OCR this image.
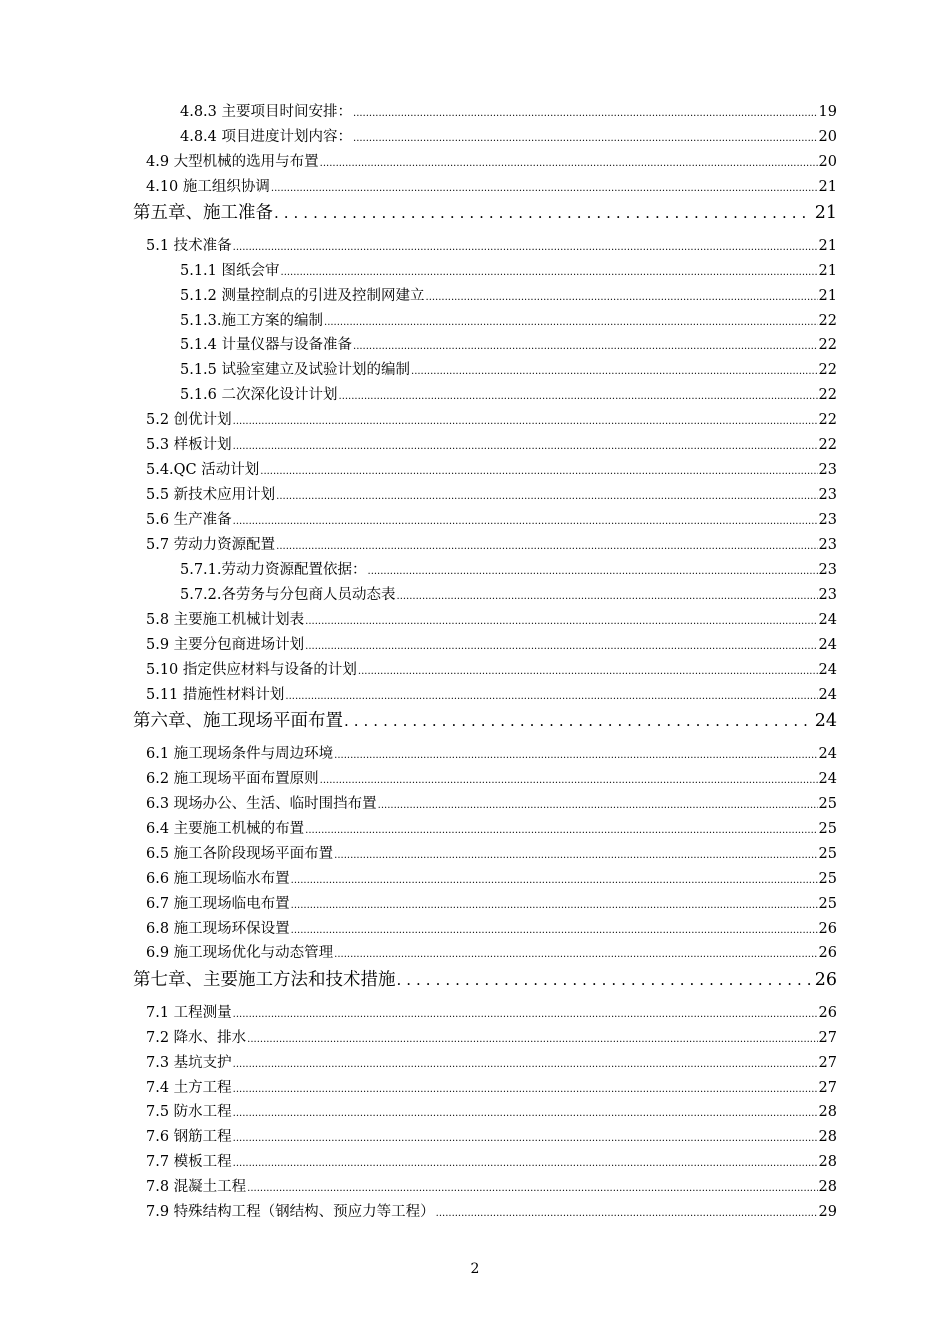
4.8.3 主要项目时间安排： .....	19
4.8.4 项目进度计划内容： .....	20
4.9 大型机械的选用与布置 .....	20
4.10 施工组织协调 .....	21
第五章、施工准备 .....	21
5.1 技术准备 .....	21
5.1.1 图纸会审 .....	21
5.1.2 测量控制点的引进及控制网建立 .....	21
5.1.3.施工方案的编制 .....	22
5.1.4 计量仪器与设备准备 .....	22
5.1.5 试验室建立及试验计划的编制 .....	22
5.1.6 二次深化设计计划 .....	22
5.2 创优计划 .....	22
5.3 样板计划 .....	22
5.4.QC 活动计划 .....	23
5.5 新技术应用计划 .....	23
5.6 生产准备 .....	23
5.7 劳动力资源配置 .....	23
5.7.1.劳动力资源配置依据： .....	23
5.7.2.各劳务与分包商人员动态表 .....	23
5.8 主要施工机械计划表 .....	24
5.9 主要分包商进场计划 .....	24
5.10 指定供应材料与设备的计划 .....	24
5.11 措施性材料计划 .....	24
第六章、施工现场平面布置 .....	24
6.1 施工现场条件与周边环境 .....	24
6.2 施工现场平面布置原则 .....	24
6.3 现场办公、生活、临时围挡布置 .....	25
6.4 主要施工机械的布置 .....	25
6.5 施工各阶段现场平面布置 .....	25
6.6 施工现场临水布置 .....	25
6.7 施工现场临电布置 .....	25
6.8 施工现场环保设置 .....	26
6.9 施工现场优化与动态管理 .....	26
第七章、主要施工方法和技术措施 .....	26
7.1 工程测量 .....	26
7.2 降水、排水 .....	27
7.3 基坑支护 .....	27
7.4 土方工程 .....	27
7.5 防水工程 .....	28
7.6 钢筋工程 .....	28
7.7 模板工程 .....	28
7.8 混凝土工程 .....	28
7.9 特殊结构工程（钢结构、预应力等工程） .....	29
2
